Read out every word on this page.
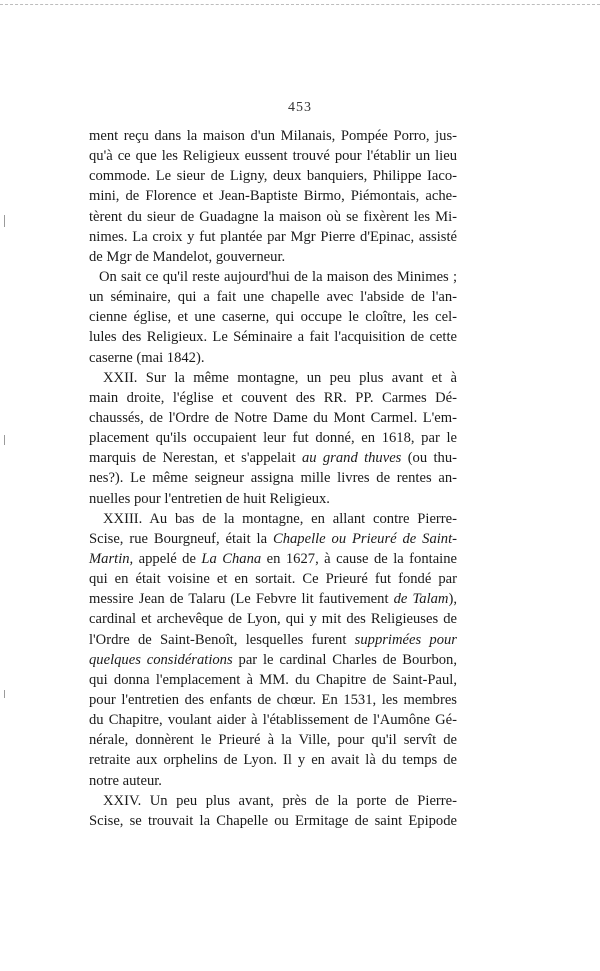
453
ment reçu dans la maison d'un Milanais, Pompée Porro, jus-
qu'à ce que les Religieux eussent trouvé pour l'établir un lieu
commode. Le sieur de Ligny, deux banquiers, Philippe Iaco-
mini, de Florence et Jean-Baptiste Birmo, Piémontais, ache-
tèrent du sieur de Guadagne la maison où se fixèrent les Mi-
nimes. La croix y fut plantée par Mgr Pierre d'Epinac, assisté
de Mgr de Mandelot, gouverneur.
On sait ce qu'il reste aujourd'hui de la maison des Minimes ;
un séminaire, qui a fait une chapelle avec l'abside de l'an-
cienne église, et une caserne, qui occupe le cloître, les cel-
lules des Religieux. Le Séminaire a fait l'acquisition de cette
caserne (mai 1842).
XXII. Sur la même montagne, un peu plus avant et à
main droite, l'église et couvent des RR. PP. Carmes Dé-
chaussés, de l'Ordre de Notre Dame du Mont Carmel. L'em-
placement qu'ils occupaient leur fut donné, en 1618, par le
marquis de Nerestan, et s'appelait au grand thuves (ou thu-
nes?). Le même seigneur assigna mille livres de rentes an-
nuelles pour l'entretien de huit Religieux.
XXIII. Au bas de la montagne, en allant contre Pierre-
Scise, rue Bourgneuf, était la Chapelle ou Prieuré de Saint-
Martin, appelé de La Chana en 1627, à cause de la fontaine
qui en était voisine et en sortait. Ce Prieuré fut fondé par
messire Jean de Talaru (Le Febvre lit fautivement de Talam),
cardinal et archevêque de Lyon, qui y mit des Religieuses de
l'Ordre de Saint-Benoît, lesquelles furent supprimées pour
quelques considérations par le cardinal Charles de Bourbon,
qui donna l'emplacement à MM. du Chapitre de Saint-Paul,
pour l'entretien des enfants de chœur. En 1531, les membres
du Chapitre, voulant aider à l'établissement de l'Aumône Gé-
nérale, donnèrent le Prieuré à la Ville, pour qu'il servît de
retraite aux orphelins de Lyon. Il y en avait là du temps de
notre auteur.
XXIV. Un peu plus avant, près de la porte de Pierre-
Scise, se trouvait la Chapelle ou Ermitage de saint Epipode
